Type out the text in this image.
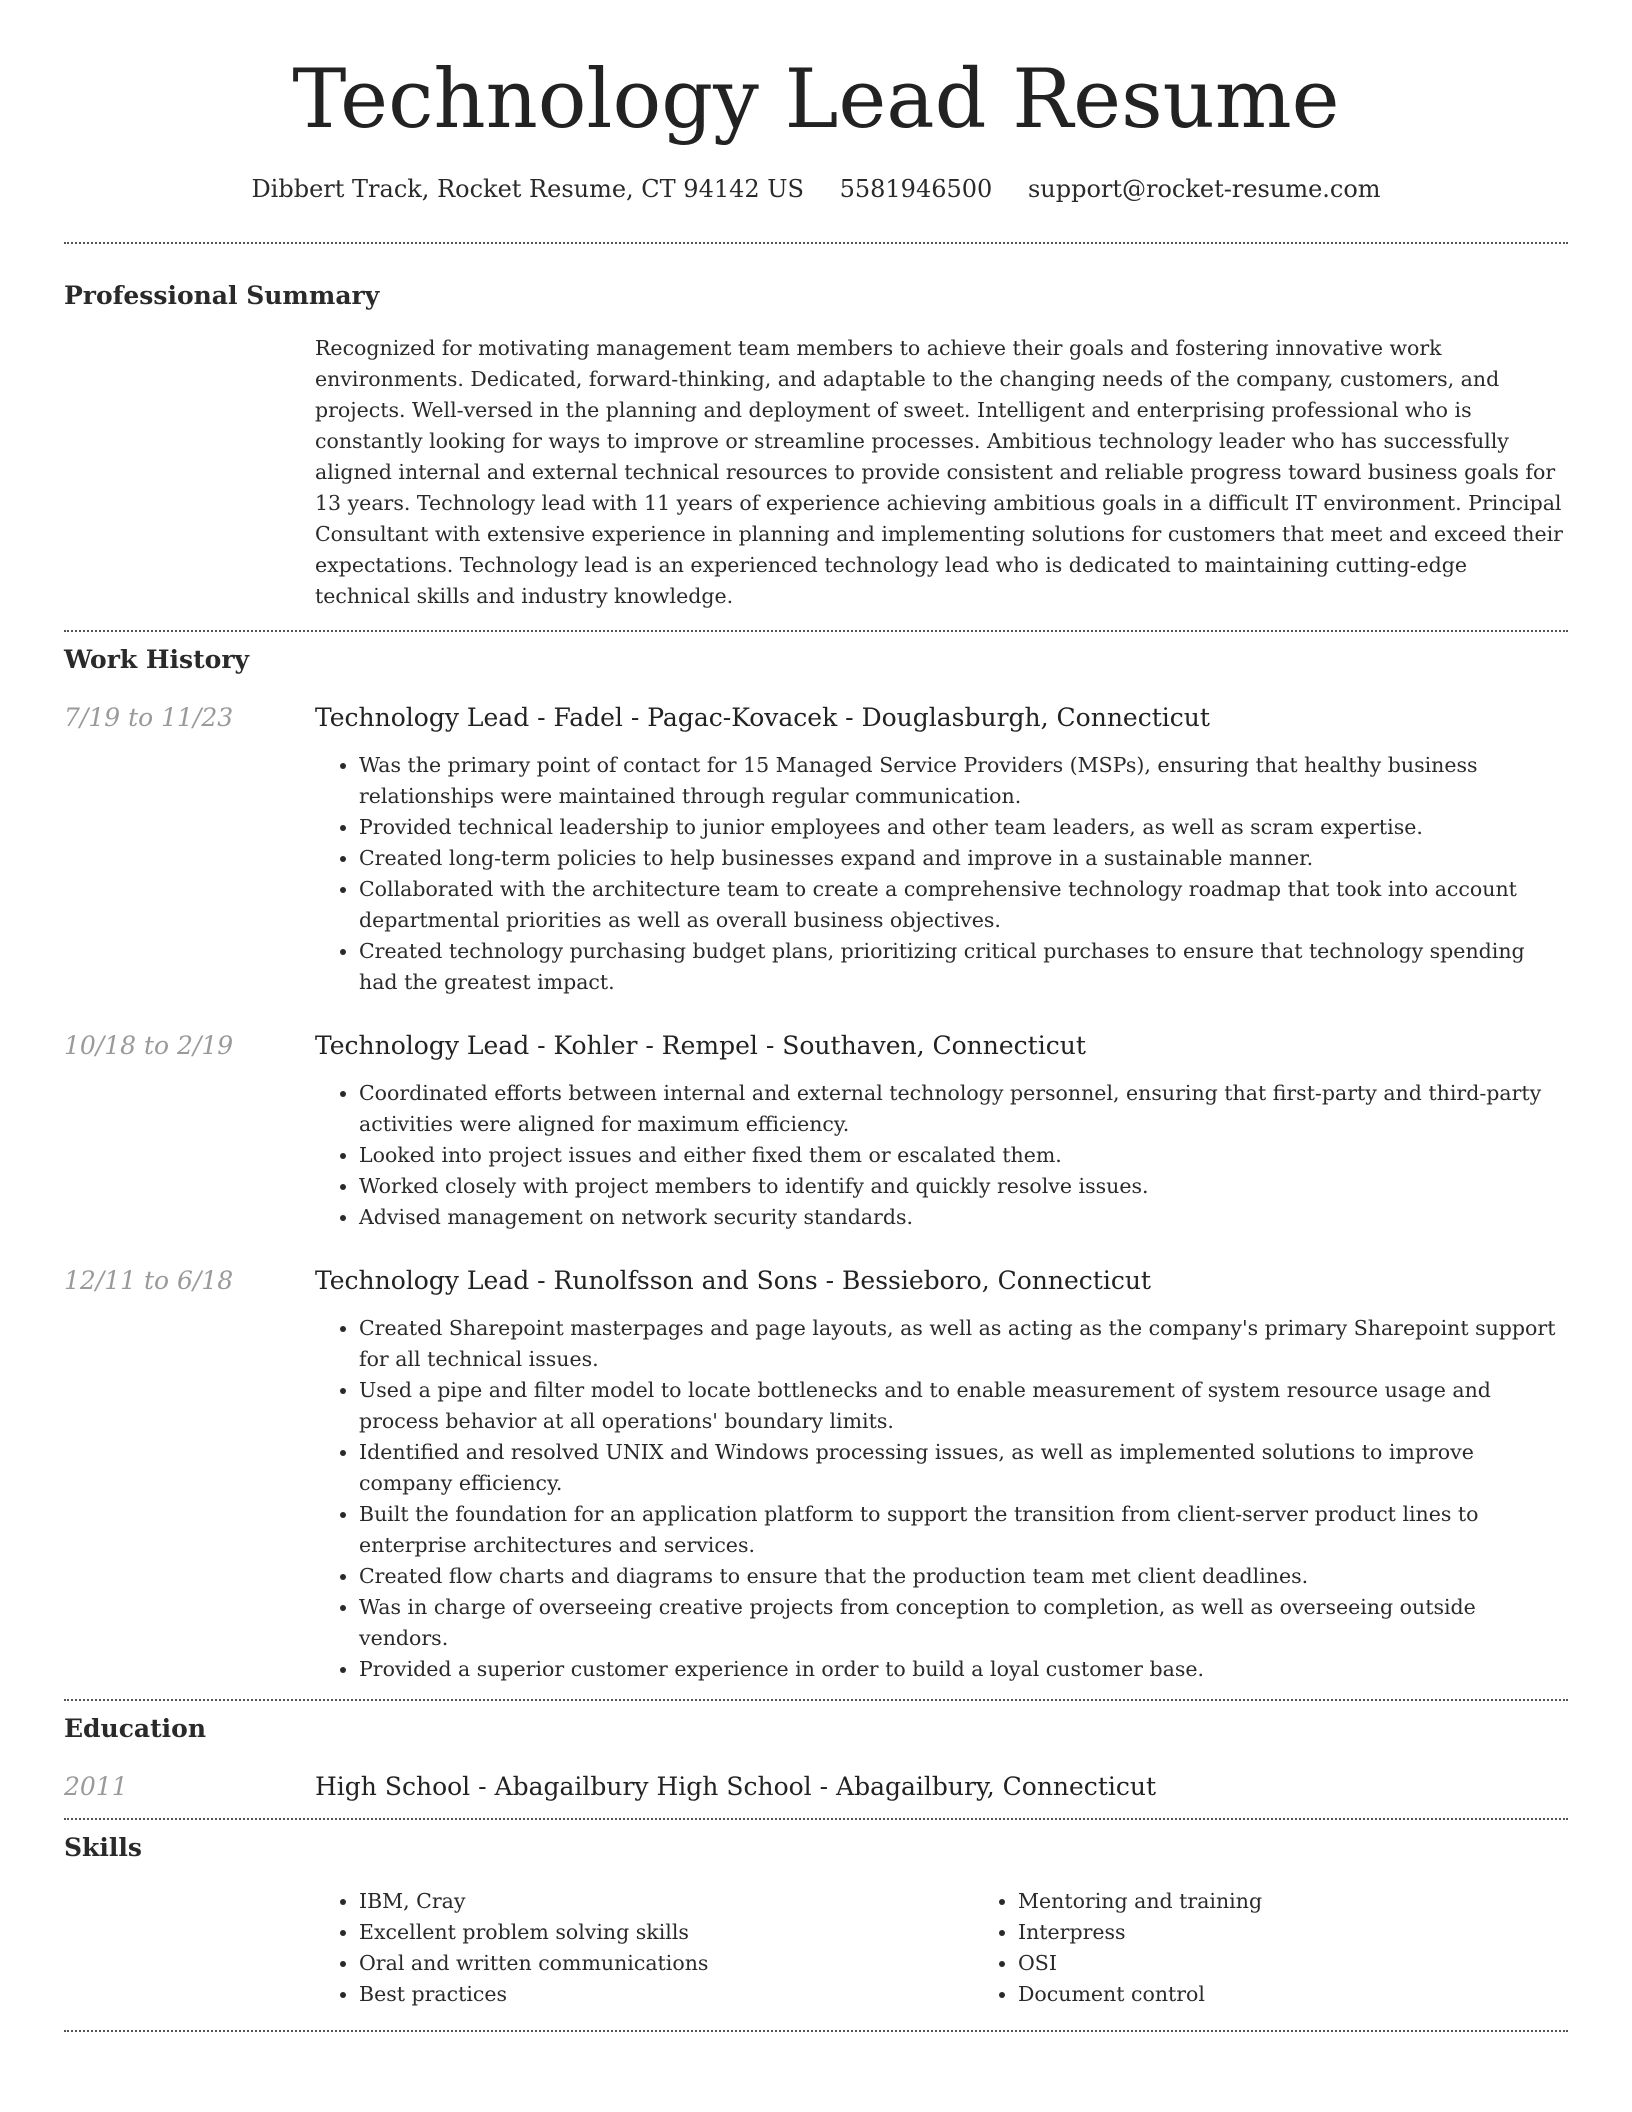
Technology Lead Resume
Dibbert Track, Rocket Resume, CT 94142 US 5581946500 support@rocket-resume.com
Professional Summary

Recognized for motivating management team members to achieve their goals and fostering innovative work environments. Dedicated, forward-thinking, and adaptable to the changing needs of the company, customers, and projects. Well-versed in the planning and deployment of sweet. Intelligent and enterprising professional who is constantly looking for ways to improve or streamline processes. Ambitious technology leader who has successfully aligned internal and external technical resources to provide consistent and reliable progress toward business goals for 13 years. Technology lead with 11 years of experience achieving ambitious goals in a difficult IT environment. Principal Consultant with extensive experience in planning and implementing solutions for customers that meet and exceed their expectations. Technology lead is an experienced technology lead who is dedicated to maintaining cutting-edge technical skills and industry knowledge.

Work History
7/19 to 11/23	Technology Lead - Fadel - Pagac-Kovacek - Douglasburgh, Connecticut
• Was the primary point of contact for 15 Managed Service Providers (MSPs), ensuring that healthy business relationships were maintained through regular communication.
• Provided technical leadership to junior employees and other team leaders, as well as scram expertise.
• Created long-term policies to help businesses expand and improve in a sustainable manner.
• Collaborated with the architecture team to create a comprehensive technology roadmap that took into account departmental priorities as well as overall business objectives.
• Created technology purchasing budget plans, prioritizing critical purchases to ensure that technology spending had the greatest impact.
10/18 to 2/19	Technology Lead - Kohler - Rempel - Southaven, Connecticut
• Coordinated efforts between internal and external technology personnel, ensuring that first-party and third-party activities were aligned for maximum efficiency.
• Looked into project issues and either fixed them or escalated them.
• Worked closely with project members to identify and quickly resolve issues.
• Advised management on network security standards.
12/11 to 6/18	Technology Lead - Runolfsson and Sons - Bessieboro, Connecticut
• Created Sharepoint masterpages and page layouts, as well as acting as the company's primary Sharepoint support for all technical issues.
• Used a pipe and filter model to locate bottlenecks and to enable measurement of system resource usage and process behavior at all operations' boundary limits.
• Identified and resolved UNIX and Windows processing issues, as well as implemented solutions to improve company efficiency.
• Built the foundation for an application platform to support the transition from client-server product lines to enterprise architectures and services.
• Created flow charts and diagrams to ensure that the production team met client deadlines.
• Was in charge of overseeing creative projects from conception to completion, as well as overseeing outside vendors.
• Provided a superior customer experience in order to build a loyal customer base.
Education
2011	High School - Abagailbury High School - Abagailbury, Connecticut
Skills
• IBM, Cray
• Excellent problem solving skills
• Oral and written communications
• Best practices
• Mentoring and training
• Interpress
• OSI
• Document control
